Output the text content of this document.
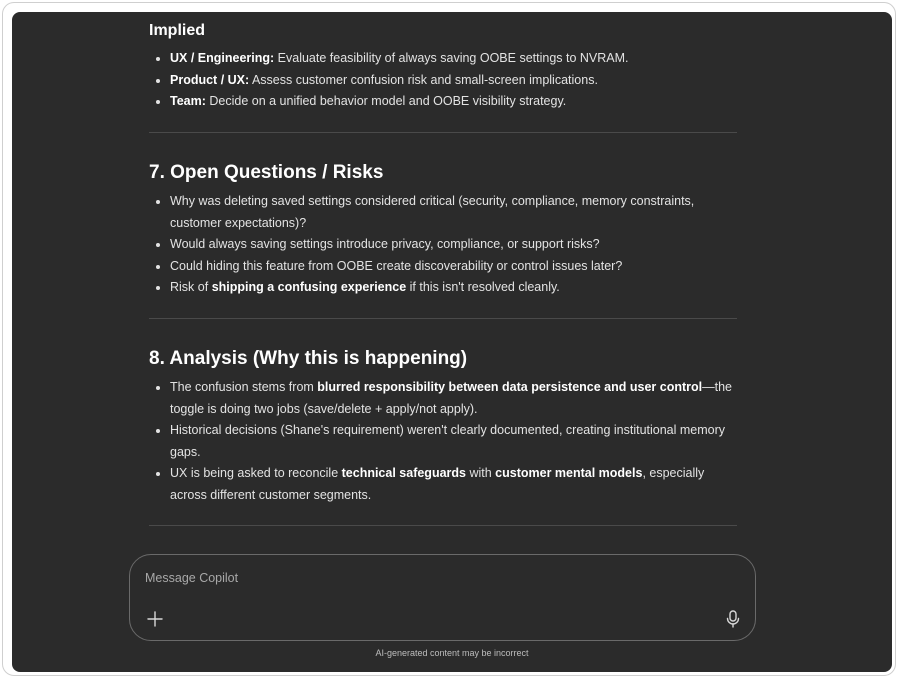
Implied
UX / Engineering: Evaluate feasibility of always saving OOBE settings to NVRAM.
Product / UX: Assess customer confusion risk and small-screen implications.
Team: Decide on a unified behavior model and OOBE visibility strategy.
7. Open Questions / Risks
Why was deleting saved settings considered critical (security, compliance, memory constraints, customer expectations)?
Would always saving settings introduce privacy, compliance, or support risks?
Could hiding this feature from OOBE create discoverability or control issues later?
Risk of shipping a confusing experience if this isn't resolved cleanly.
8. Analysis (Why this is happening)
The confusion stems from blurred responsibility between data persistence and user control—the toggle is doing two jobs (save/delete + apply/not apply).
Historical decisions (Shane's requirement) weren't clearly documented, creating institutional memory gaps.
UX is being asked to reconcile technical safeguards with customer mental models, especially across different customer segments.
Message Copilot
AI-generated content may be incorrect
